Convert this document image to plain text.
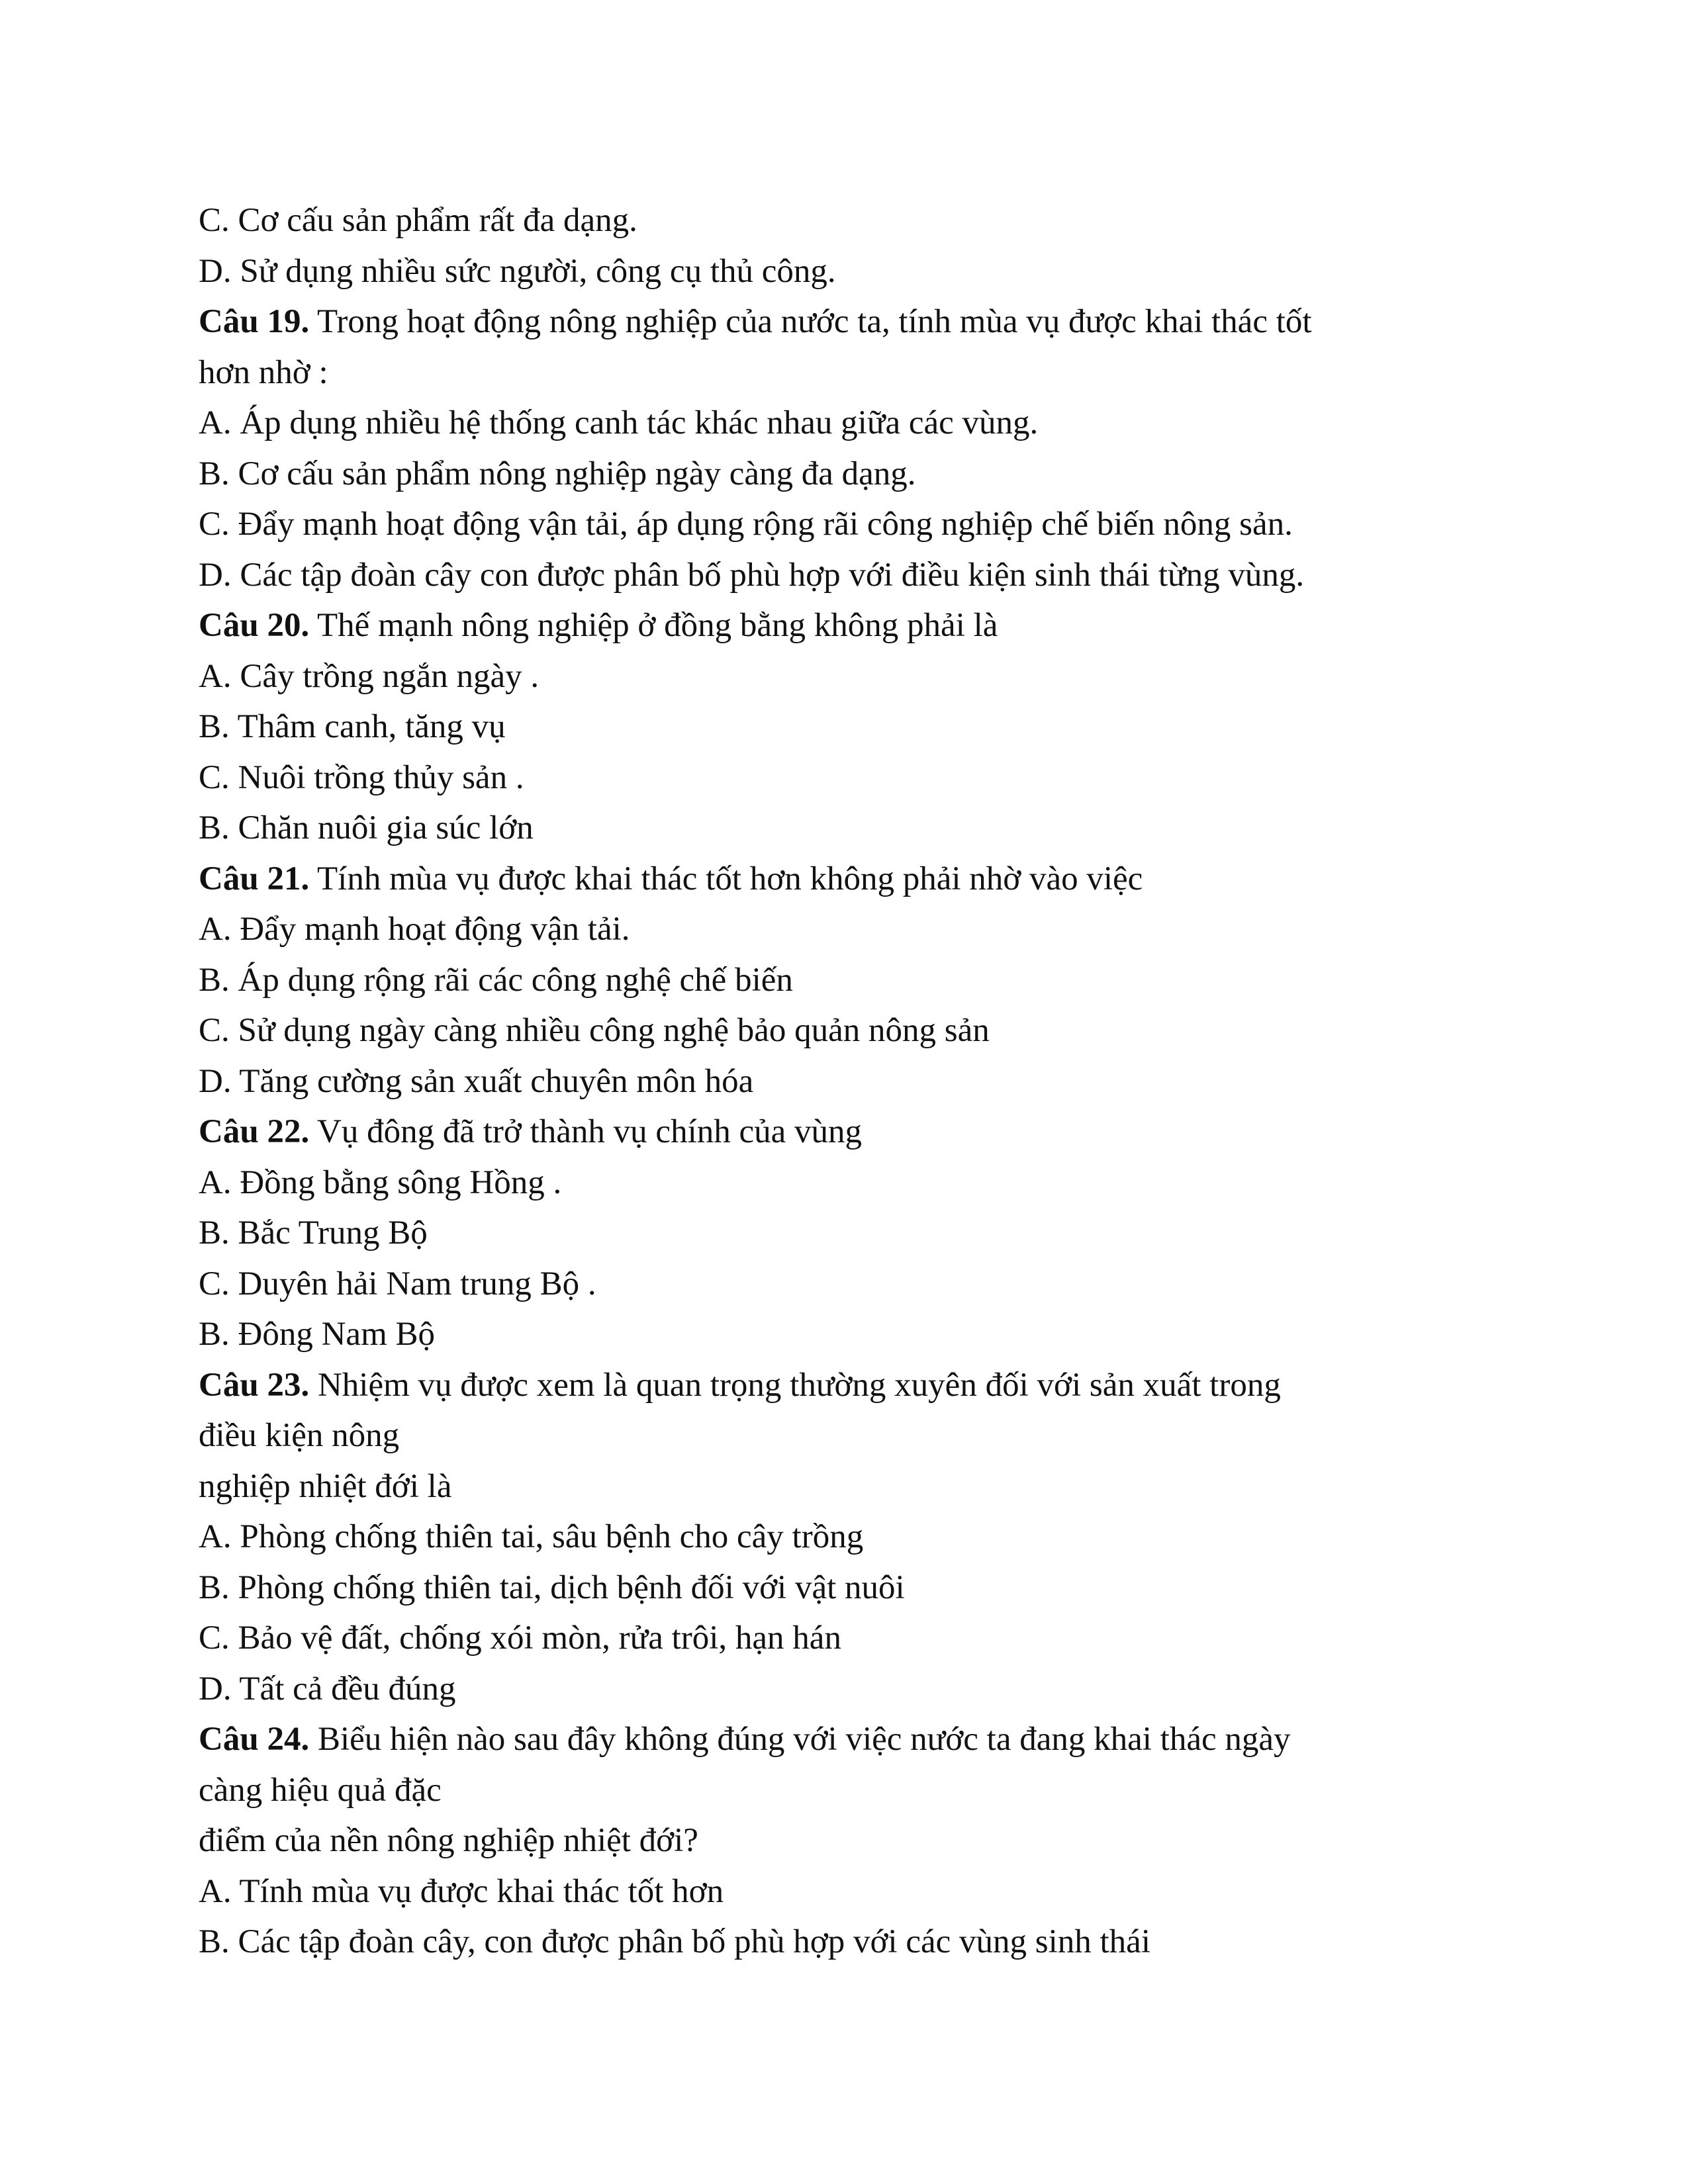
C. Cơ cấu sản phẩm rất đa dạng.
D. Sử dụng nhiều sức người, công cụ thủ công.
Câu 19. Trong hoạt động nông nghiệp của nước ta, tính mùa vụ được khai thác tốt
hơn nhờ :
A. Áp dụng nhiều hệ thống canh tác khác nhau giữa các vùng.
B. Cơ cấu sản phẩm nông nghiệp ngày càng đa dạng.
C. Đẩy mạnh hoạt động vận tải, áp dụng rộng rãi công nghiệp chế biến nông sản.
D. Các tập đoàn cây con được phân bố phù hợp với điều kiện sinh thái từng vùng.
Câu 20. Thế mạnh nông nghiệp ở đồng bằng không phải là
A. Cây trồng ngắn ngày .
B. Thâm canh, tăng vụ
C. Nuôi trồng thủy sản .
B. Chăn nuôi gia súc lớn
Câu 21. Tính mùa vụ được khai thác tốt hơn không phải nhờ vào việc
A. Đẩy mạnh hoạt động vận tải.
B. Áp dụng rộng rãi các công nghệ chế biến
C. Sử dụng ngày càng nhiều công nghệ bảo quản nông sản
D. Tăng cường sản xuất chuyên môn hóa
Câu 22. Vụ đông đã trở thành vụ chính của vùng
A. Đồng bằng sông Hồng .
B. Bắc Trung Bộ
C. Duyên hải Nam trung Bộ .
B. Đông Nam Bộ
Câu 23. Nhiệm vụ được xem là quan trọng thường xuyên đối với sản xuất trong
điều kiện nông
nghiệp nhiệt đới là
A. Phòng chống thiên tai, sâu bệnh cho cây trồng
B. Phòng chống thiên tai, dịch bệnh đối với vật nuôi
C. Bảo vệ đất, chống xói mòn, rửa trôi, hạn hán
D. Tất cả đều đúng
Câu 24. Biểu hiện nào sau đây không đúng với việc nước ta đang khai thác ngày
càng hiệu quả đặc
điểm của nền nông nghiệp nhiệt đới?
A. Tính mùa vụ được khai thác tốt hơn
B. Các tập đoàn cây, con được phân bố phù hợp với các vùng sinh thái
